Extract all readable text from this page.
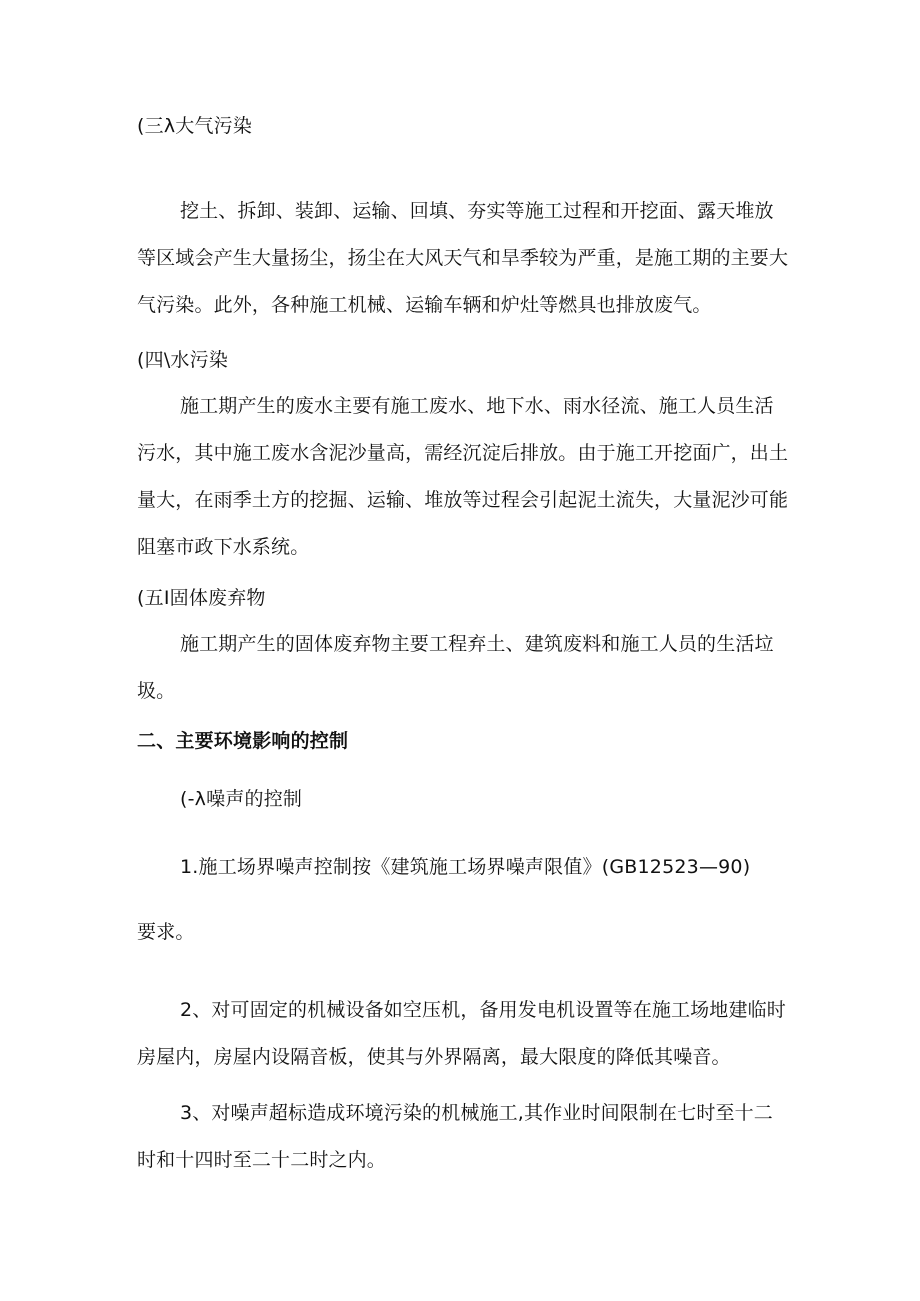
(三λ大气污染
挖土、拆卸、装卸、运输、回填、夯实等施工过程和开挖面、露天堆放等区域会产生大量扬尘，扬尘在大风天气和旱季较为严重，是施工期的主要大气污染。此外，各种施工机械、运输车辆和炉灶等燃具也排放废气。
(四\水污染
施工期产生的废水主要有施工废水、地下水、雨水径流、施工人员生活污水，其中施工废水含泥沙量高，需经沉淀后排放。由于施工开挖面广，出土量大，在雨季土方的挖掘、运输、堆放等过程会引起泥土流失，大量泥沙可能阻塞市政下水系统。
(五I固体废弃物
施工期产生的固体废弃物主要工程弃土、建筑废料和施工人员的生活垃圾。
二、主要环境影响的控制
(-λ噪声的控制
1.施工场界噪声控制按《建筑施工场界噪声限值》(GB12523—90)
要求。
2、对可固定的机械设备如空压机，备用发电机设置等在施工场地建临时房屋内，房屋内设隔音板，使其与外界隔离，最大限度的降低其噪音。
3、对噪声超标造成环境污染的机械施工,其作业时间限制在七时至十二时和十四时至二十二时之内。
